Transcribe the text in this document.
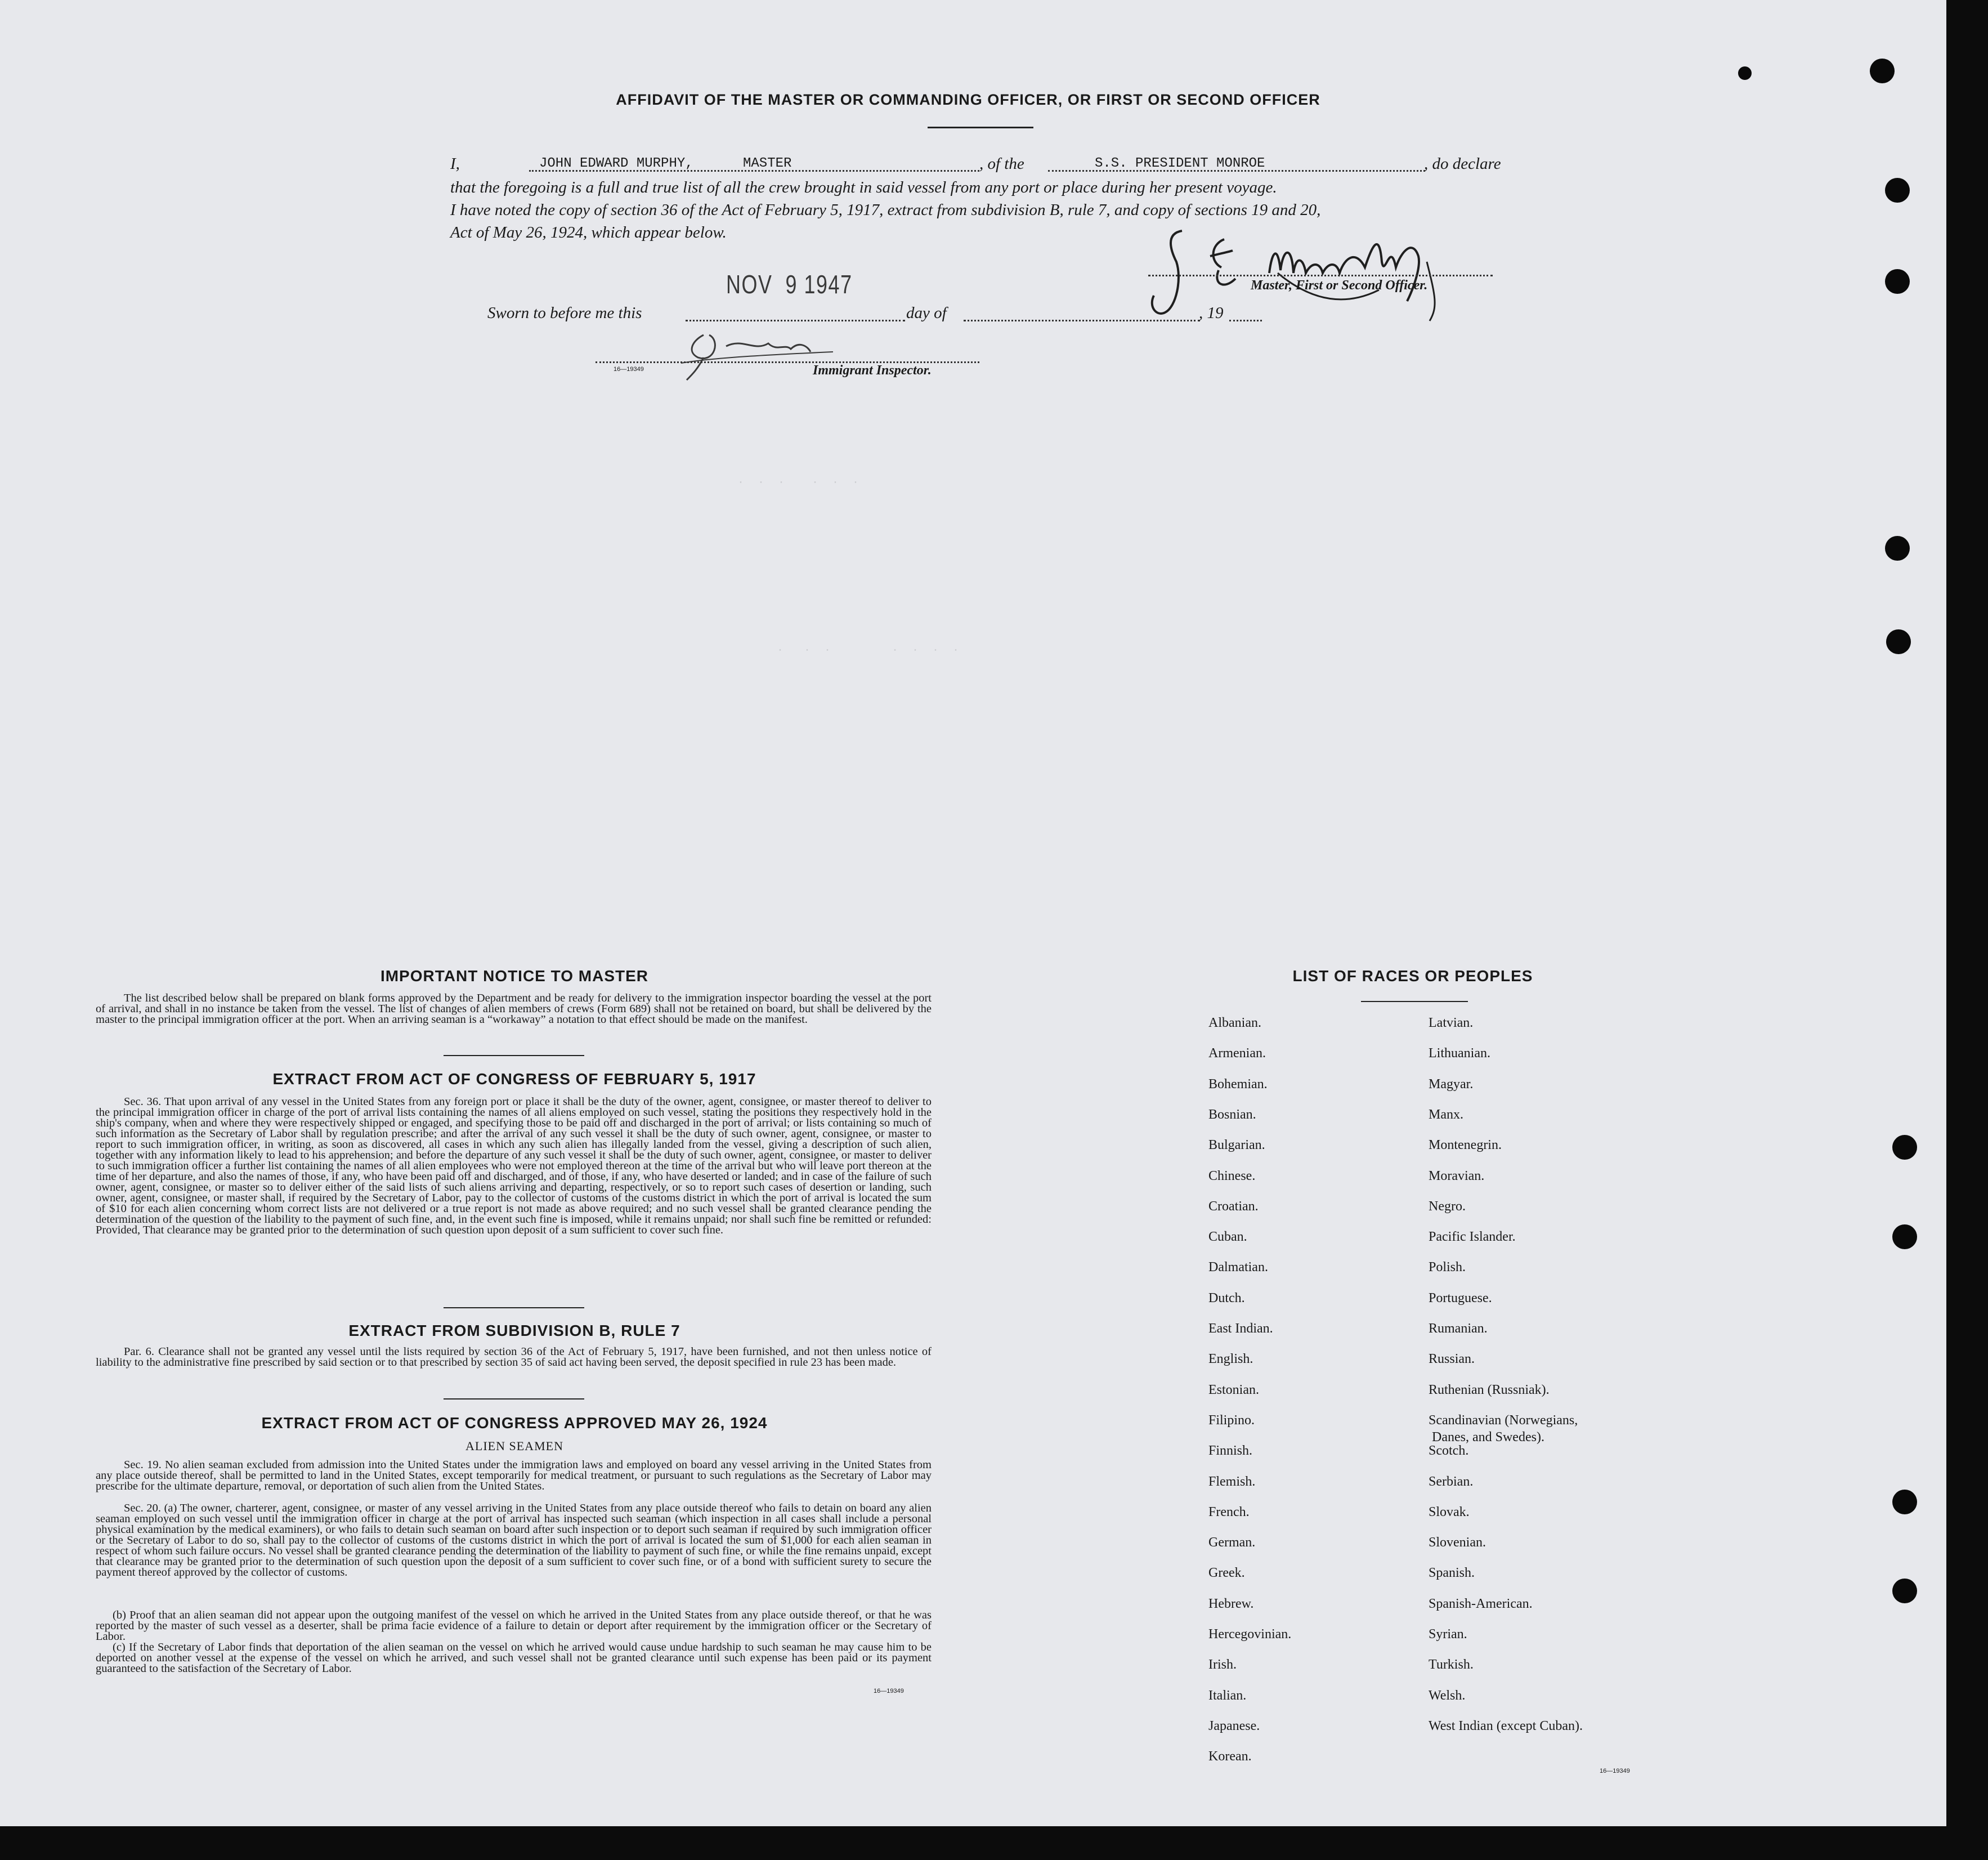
AFFIDAVIT OF THE MASTER OR COMMANDING OFFICER, OR FIRST OR SECOND OFFICER
I,	JOHN EDWARD MURPHY,	MASTER	, of the	S.S. PRESIDENT MONROE	, do declare
that the foregoing is a full and true list of all the crew brought in said vessel from any port or place during her present voyage.
I have noted the copy of section 36 of the Act of February 5, 1917, extract from subdivision B, rule 7, and copy of sections 19 and 20,
Act of May 26, 1924, which appear below.
Master, First or Second Officer.
NOV  9 1947
Sworn to before me this	day of	, 19
16—19349	Immigrant Inspector.
·  ·  ·    ·  ·  ·
·   ·  ·         ·  ·  ·  ·
IMPORTANT NOTICE TO MASTER
The list described below shall be prepared on blank forms approved by the Department and be ready for delivery to the immigration inspector boarding the vessel at the port of arrival, and shall in no instance be taken from the vessel. The list of changes of alien members of crews (Form 689) shall not be retained on board, but shall be delivered by the master to the principal immigration officer at the port. When an arriving seaman is a “workaway” a notation to that effect should be made on the manifest.
EXTRACT FROM ACT OF CONGRESS OF FEBRUARY 5, 1917
Sec. 36. That upon arrival of any vessel in the United States from any foreign port or place it shall be the duty of the owner, agent, consignee, or master thereof to deliver to the principal immigration officer in charge of the port of arrival lists containing the names of all aliens employed on such vessel, stating the positions they respectively hold in the ship's company, when and where they were respectively shipped or engaged, and specifying those to be paid off and discharged in the port of arrival; or lists containing so much of such information as the Secretary of Labor shall by regulation prescribe; and after the arrival of any such vessel it shall be the duty of such owner, agent, consignee, or master to report to such immigration officer, in writing, as soon as discovered, all cases in which any such alien has illegally landed from the vessel, giving a description of such alien, together with any information likely to lead to his apprehension; and before the departure of any such vessel it shall be the duty of such owner, agent, consignee, or master to deliver to such immigration officer a further list containing the names of all alien employees who were not employed thereon at the time of the arrival but who will leave port thereon at the time of her departure, and also the names of those, if any, who have been paid off and discharged, and of those, if any, who have deserted or landed; and in case of the failure of such owner, agent, consignee, or master so to deliver either of the said lists of such aliens arriving and departing, respectively, or so to report such cases of desertion or landing, such owner, agent, consignee, or master shall, if required by the Secretary of Labor, pay to the collector of customs of the customs district in which the port of arrival is located the sum of $10 for each alien concerning whom correct lists are not delivered or a true report is not made as above required; and no such vessel shall be granted clearance pending the determination of the question of the liability to the payment of such fine, and, in the event such fine is imposed, while it remains unpaid; nor shall such fine be remitted or refunded: Provided, That clearance may be granted prior to the determination of such question upon deposit of a sum sufficient to cover such fine.
EXTRACT FROM SUBDIVISION B, RULE 7
Par. 6. Clearance shall not be granted any vessel until the lists required by section 36 of the Act of February 5, 1917, have been furnished, and not then unless notice of liability to the administrative fine prescribed by said section or to that prescribed by section 35 of said act having been served, the deposit specified in rule 23 has been made.
EXTRACT FROM ACT OF CONGRESS APPROVED MAY 26, 1924
ALIEN SEAMEN
Sec. 19. No alien seaman excluded from admission into the United States under the immigration laws and employed on board any vessel arriving in the United States from any place outside thereof, shall be permitted to land in the United States, except temporarily for medical treatment, or pursuant to such regulations as the Secretary of Labor may prescribe for the ultimate departure, removal, or deportation of such alien from the United States.
Sec. 20. (a) The owner, charterer, agent, consignee, or master of any vessel arriving in the United States from any place outside thereof who fails to detain on board any alien seaman employed on such vessel until the immigration officer in charge at the port of arrival has inspected such seaman (which inspection in all cases shall include a personal physical examination by the medical examiners), or who fails to detain such seaman on board after such inspection or to deport such seaman if required by such immigration officer or the Secretary of Labor to do so, shall pay to the collector of customs of the customs district in which the port of arrival is located the sum of $1,000 for each alien seaman in respect of whom such failure occurs. No vessel shall be granted clearance pending the determination of the liability to payment of such fine, or while the fine remains unpaid, except that clearance may be granted prior to the determination of such question upon the deposit of a sum sufficient to cover such fine, or of a bond with sufficient surety to secure the payment thereof approved by the collector of customs.
(b) Proof that an alien seaman did not appear upon the outgoing manifest of the vessel on which he arrived in the United States from any place outside thereof, or that he was reported by the master of such vessel as a deserter, shall be prima facie evidence of a failure to detain or deport after requirement by the immigration officer or the Secretary of Labor.
(c) If the Secretary of Labor finds that deportation of the alien seaman on the vessel on which he arrived would cause undue hardship to such seaman he may cause him to be deported on another vessel at the expense of the vessel on which he arrived, and such vessel shall not be granted clearance until such expense has been paid or its payment guaranteed to the satisfaction of the Secretary of Labor.
16—19349
LIST OF RACES OR PEOPLES
Albanian.
Armenian.
Bohemian.
Bosnian.
Bulgarian.
Chinese.
Croatian.
Cuban.
Dalmatian.
Dutch.
East Indian.
English.
Estonian.
Filipino.
Finnish.
Flemish.
French.
German.
Greek.
Hebrew.
Hercegovinian.
Irish.
Italian.
Japanese.
Korean.
Latvian.
Lithuanian.
Magyar.
Manx.
Montenegrin.
Moravian.
Negro.
Pacific Islander.
Polish.
Portuguese.
Rumanian.
Russian.
Ruthenian (Russniak).
Scandinavian (Norwegians,
Danes, and Swedes).
Scotch.
Serbian.
Slovak.
Slovenian.
Spanish.
Spanish-American.
Syrian.
Turkish.
Welsh.
West Indian (except Cuban).
16—19349
